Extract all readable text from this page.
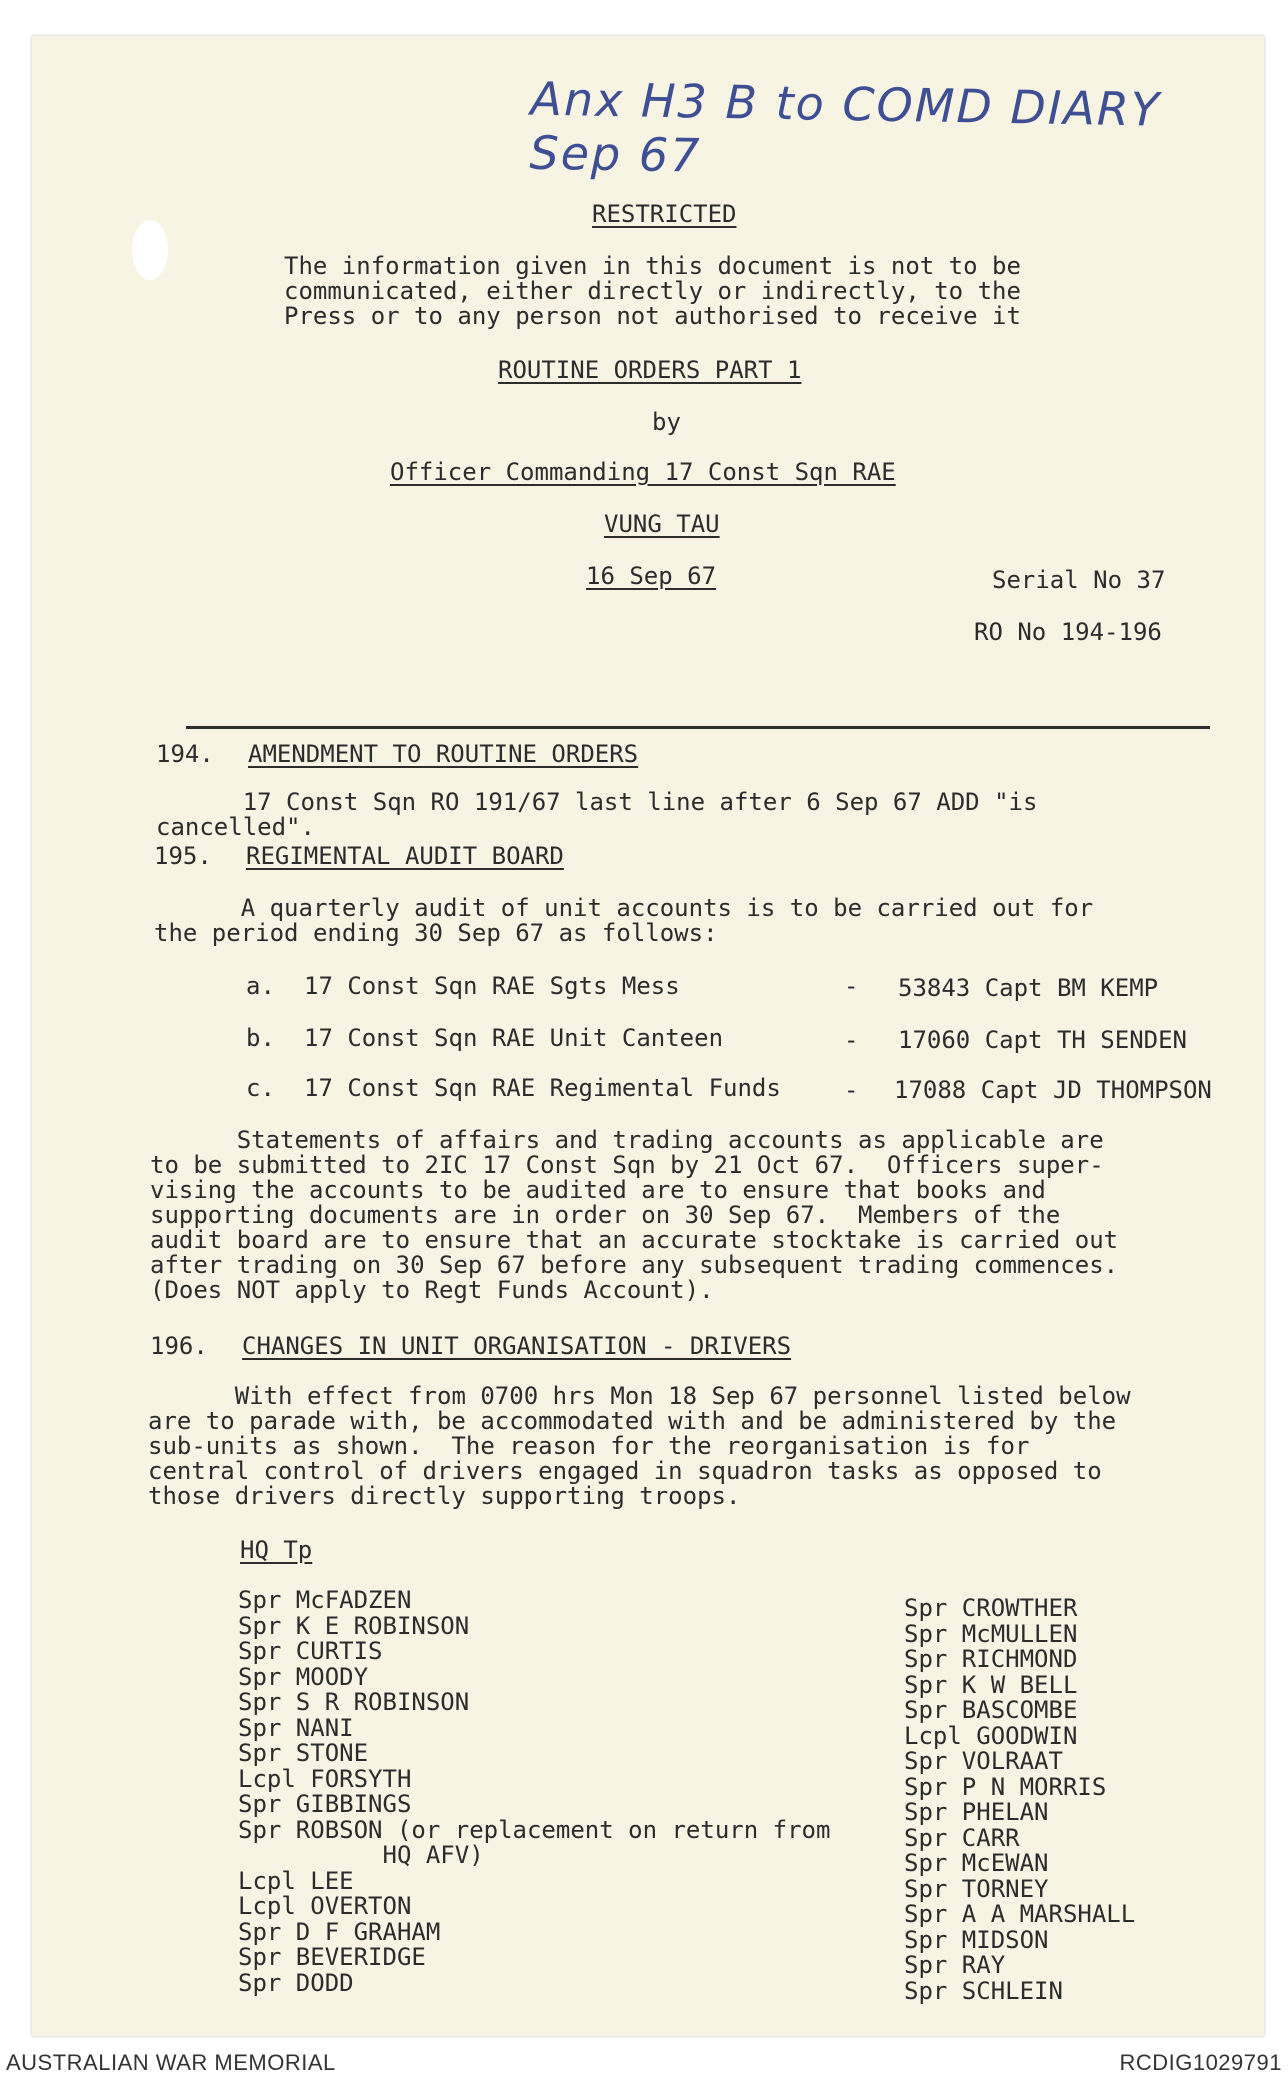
Anx H3 B to COMD DIARY Sep 67
RESTRICTED
The information given in this document is not to be
communicated, either directly or indirectly, to the
Press or to any person not authorised to receive it
ROUTINE ORDERS PART 1
by
Officer Commanding 17 Const Sqn RAE
VUNG TAU
16 Sep 67	Serial No 37
RO No 194-196
194. AMENDMENT TO ROUTINE ORDERS

17 Const Sqn RO 191/67 last line after 6 Sep 67 ADD "is
cancelled".

195. REGIMENTAL AUDIT BOARD

A quarterly audit of unit accounts is to be carried out for
the period ending 30 Sep 67 as follows:

a. 17 Const Sqn RAE Sgts Mess	- 53843 Capt BM KEMP
b. 17 Const Sqn RAE Unit Canteen	- 17060 Capt TH SENDEN
c. 17 Const Sqn RAE Regimental Funds	- 17088 Capt JD THOMPSON

Statements of affairs and trading accounts as applicable are
to be submitted to 2IC 17 Const Sqn by 21 Oct 67.  Officers super-
vising the accounts to be audited are to ensure that books and
supporting documents are in order on 30 Sep 67.  Members of the
audit board are to ensure that an accurate stocktake is carried out
after trading on 30 Sep 67 before any subsequent trading commences.
(Does NOT apply to Regt Funds Account).

196. CHANGES IN UNIT ORGANISATION - DRIVERS

With effect from 0700 hrs Mon 18 Sep 67 personnel listed below
are to parade with, be accommodated with and be administered by the
sub-units as shown.  The reason for the reorganisation is for
central control of drivers engaged in squadron tasks as opposed to
those drivers directly supporting troops.

HQ Tp
Spr McFADZEN
Spr K E ROBINSON
Spr CURTIS
Spr MOODY
Spr S R ROBINSON
Spr NANI
Spr STONE
Lcpl FORSYTH
Spr GIBBINGS
Spr ROBSON (or replacement on return from
HQ AFV)
Lcpl LEE
Lcpl OVERTON
Spr D F GRAHAM
Spr BEVERIDGE
Spr DODD
Spr CROWTHER
Spr McMULLEN
Spr RICHMOND
Spr K W BELL
Spr BASCOMBE
Lcpl GOODWIN
Spr VOLRAAT
Spr P N MORRIS
Spr PHELAN
Spr CARR
Spr McEWAN
Spr TORNEY
Spr A A MARSHALL
Spr MIDSON
Spr RAY
Spr SCHLEIN
AUSTRALIAN WAR MEMORIAL	RCDIG1029791
